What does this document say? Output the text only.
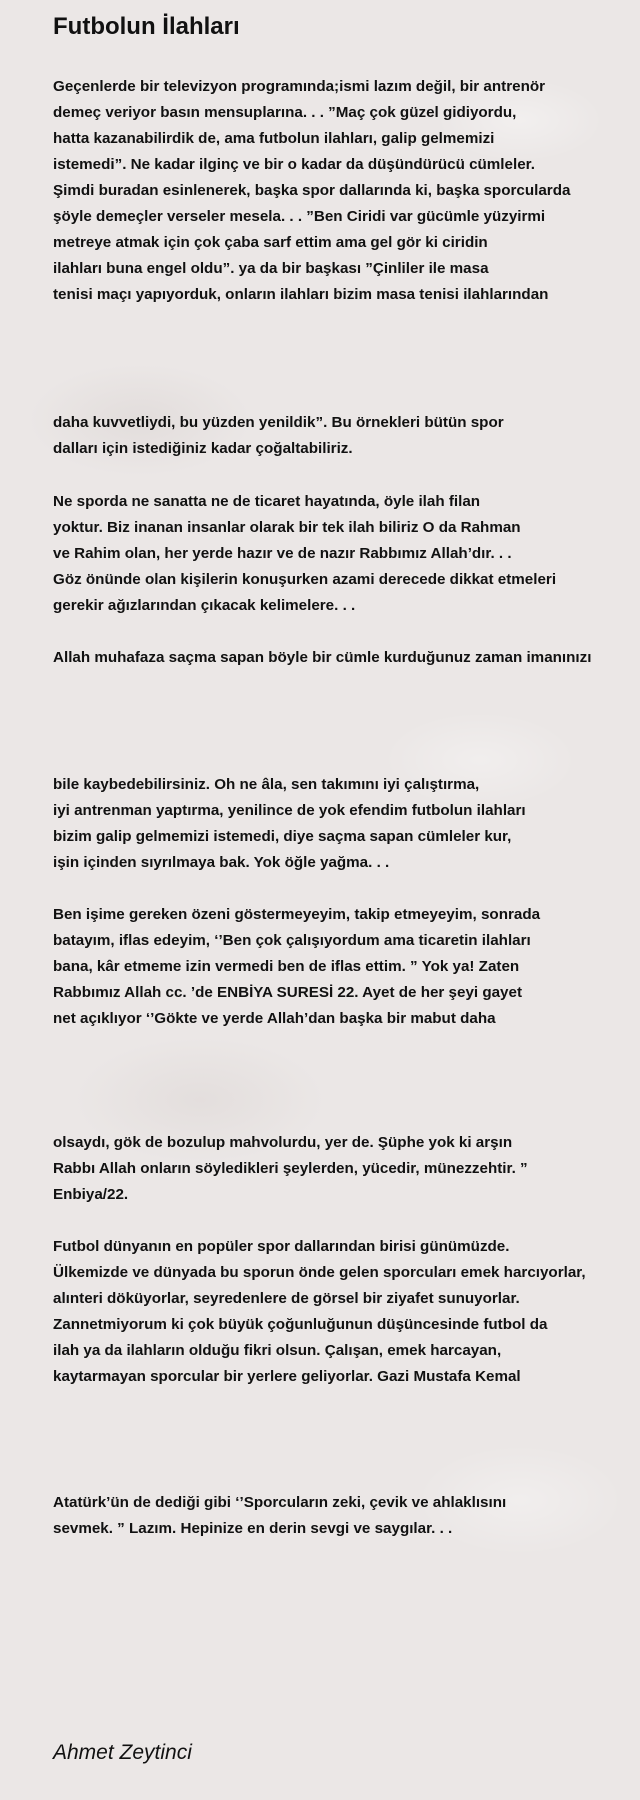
Futbolun İlahları
Geçenlerde bir televizyon programında;ismi lazım değil, bir antrenör
demeç veriyor basın mensuplarına. . . ”Maç çok güzel gidiyordu,
hatta kazanabilirdik de, ama futbolun ilahları, galip gelmemizi
istemedi”. Ne kadar ilginç ve bir o kadar da düşündürücü cümleler.
Şimdi buradan esinlenerek, başka spor dallarında ki, başka sporcularda
şöyle demeçler verseler mesela. . . ”Ben Ciridi var gücümle yüzyirmi
metreye atmak için çok çaba sarf ettim ama gel gör ki ciridin
ilahları buna engel oldu”. ya da bir başkası ”Çinliler ile masa
tenisi maçı yapıyorduk, onların ilahları bizim masa tenisi ilahlarından
daha kuvvetliydi, bu yüzden yenildik”. Bu örnekleri bütün spor
dalları için istediğiniz kadar çoğaltabiliriz.
Ne sporda ne sanatta ne de ticaret hayatında, öyle ilah filan
yoktur. Biz inanan insanlar olarak bir tek ilah biliriz O da Rahman
ve Rahim olan, her yerde hazır ve de nazır Rabbımız Allah’dır. . .
Göz önünde olan kişilerin konuşurken azami derecede dikkat etmeleri
gerekir ağızlarından çıkacak kelimelere. . .
Allah muhafaza saçma sapan böyle bir cümle kurduğunuz zaman imanınızı
bile kaybedebilirsiniz. Oh ne âla, sen takımını iyi çalıştırma,
iyi antrenman yaptırma, yenilince de yok efendim futbolun ilahları
bizim galip gelmemizi istemedi, diye saçma sapan cümleler kur,
işin içinden sıyrılmaya bak. Yok öğle yağma. . .
Ben işime gereken özeni göstermeyeyim, takip etmeyeyim, sonrada
batayım, iflas edeyim, ‘’Ben çok çalışıyordum ama ticaretin ilahları
bana, kâr etmeme izin vermedi ben de iflas ettim. ” Yok ya! Zaten
Rabbımız Allah cc. ’de ENBİYA SURESİ 22. Ayet de her şeyi gayet
net açıklıyor ‘’Gökte ve yerde Allah’dan başka bir mabut daha
olsaydı, gök de bozulup mahvolurdu, yer de. Şüphe yok ki arşın
Rabbı Allah onların söyledikleri şeylerden, yücedir, münezzehtir. ”
Enbiya/22.
Futbol dünyanın en popüler spor dallarından birisi günümüzde.
Ülkemizde ve dünyada bu sporun önde gelen sporcuları emek harcıyorlar,
alınteri döküyorlar, seyredenlere de görsel bir ziyafet sunuyorlar.
Zannetmiyorum ki çok büyük çoğunluğunun düşüncesinde futbol da
ilah ya da ilahların olduğu fikri olsun. Çalışan, emek harcayan,
kaytarmayan sporcular bir yerlere geliyorlar. Gazi Mustafa Kemal
Atatürk’ün de dediği gibi ‘’Sporcuların zeki, çevik ve ahlaklısını
sevmek. ” Lazım. Hepinize en derin sevgi ve saygılar. . .

Ahmet Zeytinci
